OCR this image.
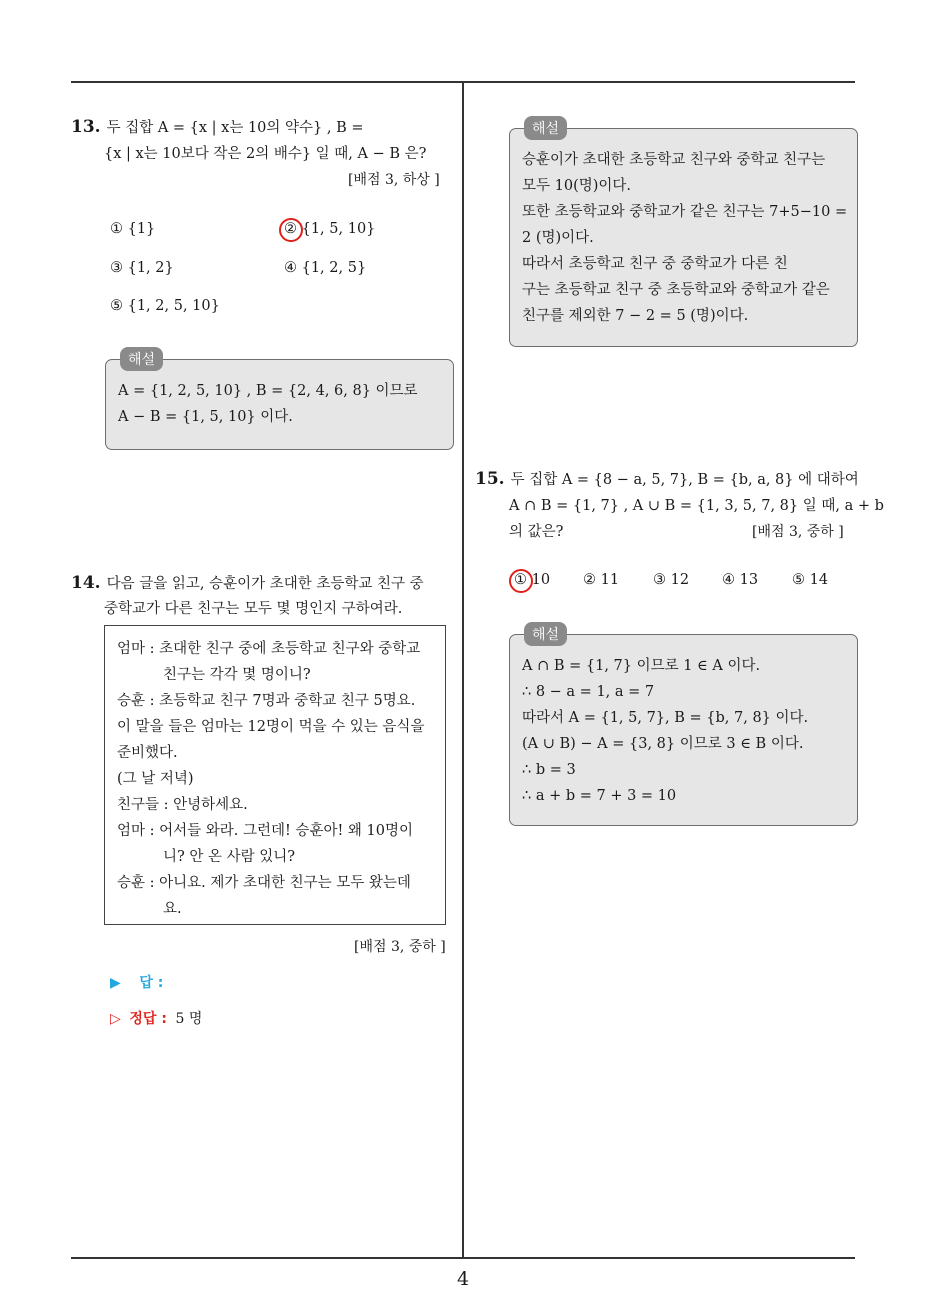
13. 두 집합 A = {x | x는 10의 약수} , B =
{x | x는 10보다 작은 2의 배수} 일 때, A − B 은?
[배점 3, 하상 ]
① {1}	② {1, 5, 10}
③ {1, 2}	④ {1, 2, 5}
⑤ {1, 2, 5, 10}
A = {1, 2, 5, 10} , B = {2, 4, 6, 8} 이므로
A − B = {1, 5, 10} 이다.
해설
14. 다음 글을 읽고, 승훈이가 초대한 초등학교 친구 중
중학교가 다른 친구는 모두 몇 명인지 구하여라.
엄마 : 초대한 친구 중에 초등학교 친구와 중학교
친구는 각각 몇 명이니?
승훈 : 초등학교 친구 7명과 중학교 친구 5명요.
이 말을 들은 엄마는 12명이 먹을 수 있는 음식을
준비했다.
(그 날 저녁)
친구들 : 안녕하세요.
엄마 : 어서들 와라. 그런데! 승훈아! 왜 10명이
니? 안 온 사람 있니?
승훈 : 아니요. 제가 초대한 친구는 모두 왔는데
요.
[배점 3, 중하 ]
▶ 답 :
▷ 정답 : 5 명
승훈이가 초대한 초등학교 친구와 중학교 친구는
모두 10(명)이다.
또한 초등학교와 중학교가 같은 친구는 7+5−10 =
2 (명)이다.
따라서 초등학교 친구 중 중학교가 다른 친
구는 초등학교 친구 중 초등학교와 중학교가 같은
친구를 제외한 7 − 2 = 5 (명)이다.
해설
15. 두 집합 A = {8 − a, 5, 7}, B = {b, a, 8} 에 대하여
A ∩ B = {1, 7} , A ∪ B = {1, 3, 5, 7, 8} 일 때, a + b
의 값은?	[배점 3, 중하 ]
① 10 ② 11 ③ 12 ④ 13 ⑤ 14
A ∩ B = {1, 7} 이므로 1 ∈ A 이다.
∴ 8 − a = 1, a = 7
따라서 A = {1, 5, 7}, B = {b, 7, 8} 이다.
(A ∪ B) − A = {3, 8} 이므로 3 ∈ B 이다.
∴ b = 3
∴ a + b = 7 + 3 = 10
해설
4
